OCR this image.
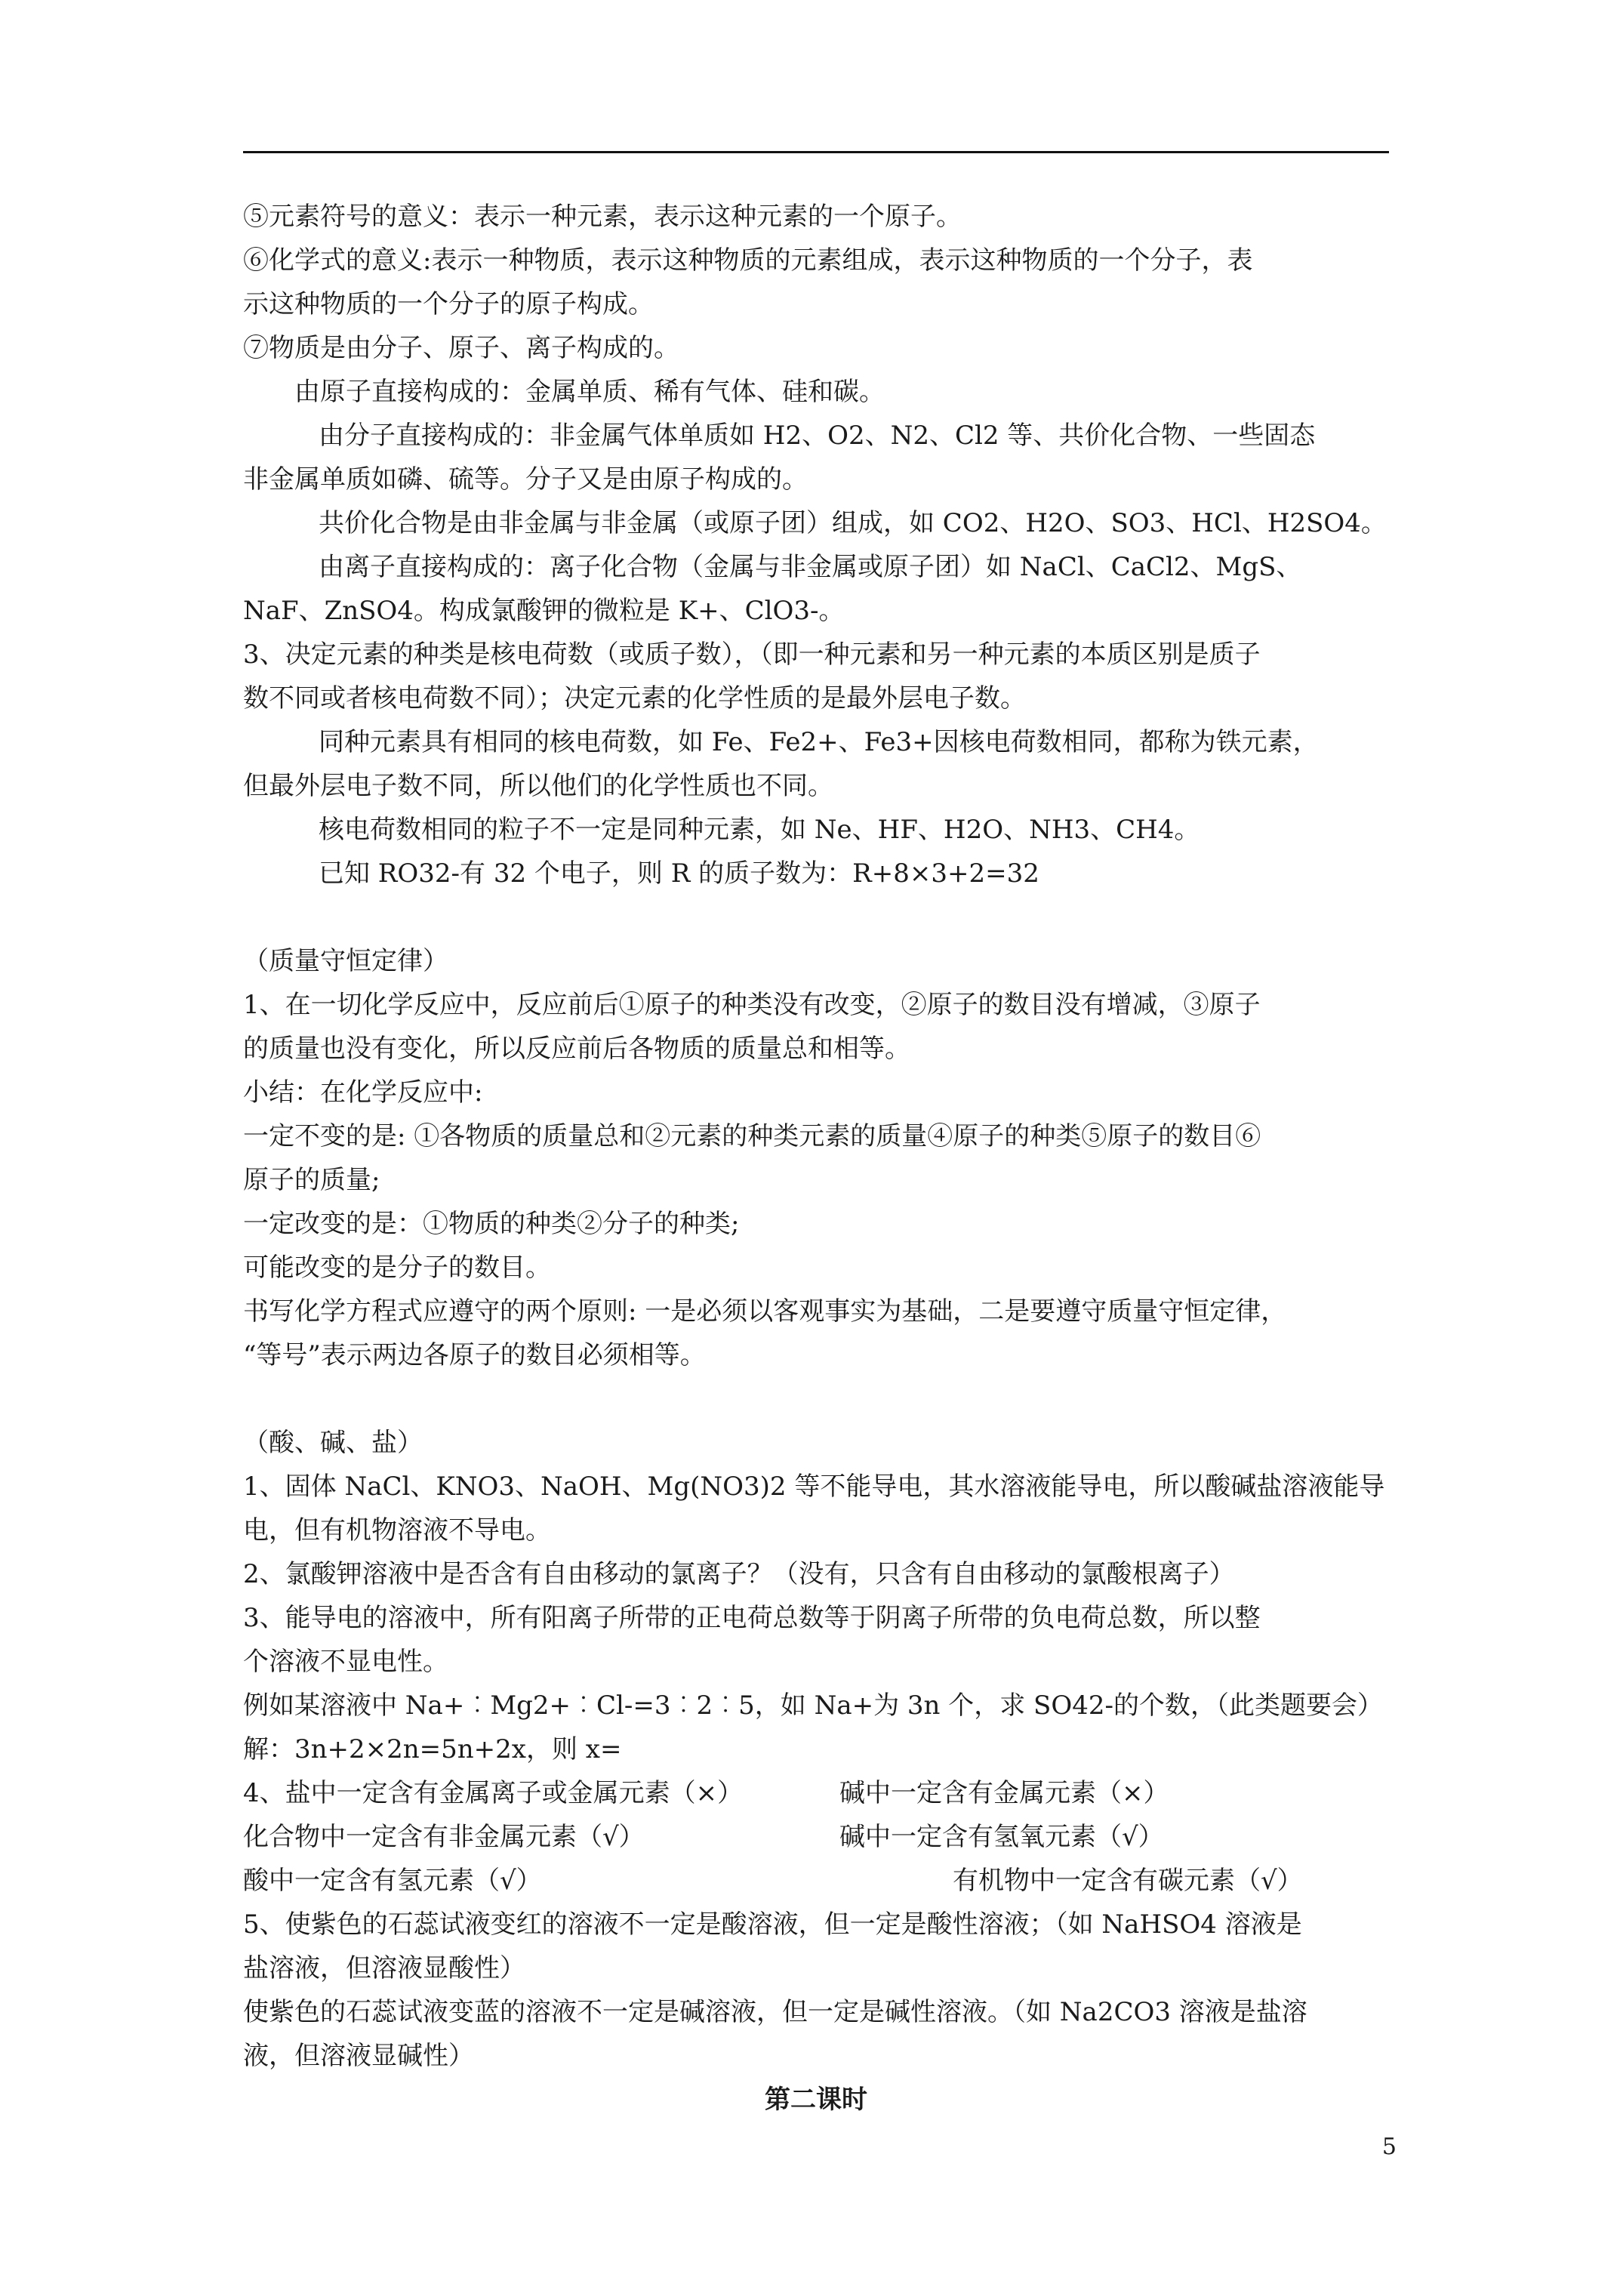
⑤元素符号的意义：表示一种元素，表示这种元素的一个原子。
⑥化学式的意义:表示一种物质，表示这种物质的元素组成，表示这种物质的一个分子，表
示这种物质的一个分子的原子构成。
⑦物质是由分子、原子、离子构成的。
由原子直接构成的：金属单质、稀有气体、硅和碳。
由分子直接构成的：非金属气体单质如 H2、O2、N2、Cl2 等、共价化合物、一些固态
非金属单质如磷、硫等。分子又是由原子构成的。
共价化合物是由非金属与非金属（或原子团）组成，如 CO2、H2O、SO3、HCl、H2SO4。
由离子直接构成的：离子化合物（金属与非金属或原子团）如 NaCl、CaCl2、MgS、
NaF、ZnSO4。构成氯酸钾的微粒是 K+、ClO3-。
3、决定元素的种类是核电荷数（或质子数），（即一种元素和另一种元素的本质区别是质子
数不同或者核电荷数不同）；决定元素的化学性质的是最外层电子数。
同种元素具有相同的核电荷数，如 Fe、Fe2+、Fe3+因核电荷数相同，都称为铁元素，
但最外层电子数不同，所以他们的化学性质也不同。
核电荷数相同的粒子不一定是同种元素，如 Ne、HF、H2O、NH3、CH4。
已知 RO32-有 32 个电子，则 R 的质子数为：R+8×3+2=32
（质量守恒定律）
1、在一切化学反应中，反应前后①原子的种类没有改变，②原子的数目没有增减，③原子
的质量也没有变化，所以反应前后各物质的质量总和相等。
小结：在化学反应中:
一定不变的是: ①各物质的质量总和②元素的种类元素的质量④原子的种类⑤原子的数目⑥
原子的质量;
一定改变的是：①物质的种类②分子的种类;
可能改变的是分子的数目。
书写化学方程式应遵守的两个原则: 一是必须以客观事实为基础，二是要遵守质量守恒定律，
“等号”表示两边各原子的数目必须相等。
（酸、碱、盐）
1、固体 NaCl、KNO3、NaOH、Mg(NO3)2 等不能导电，其水溶液能导电，所以酸碱盐溶液能导
电，但有机物溶液不导电。
2、氯酸钾溶液中是否含有自由移动的氯离子？（没有，只含有自由移动的氯酸根离子）
3、能导电的溶液中，所有阳离子所带的正电荷总数等于阴离子所带的负电荷总数，所以整
个溶液不显电性。
例如某溶液中 Na+︰Mg2+︰Cl-=3︰2︰5，如 Na+为 3n 个，求 SO42-的个数，（此类题要会）
解：3n+2×2n=5n+2x，则 x=
4、盐中一定含有金属离子或金属元素（×）	碱中一定含有金属元素（×）
化合物中一定含有非金属元素（√）	碱中一定含有氢氧元素（√）
酸中一定含有氢元素（√）	有机物中一定含有碳元素（√）
5、使紫色的石蕊试液变红的溶液不一定是酸溶液，但一定是酸性溶液；（如 NaHSO4 溶液是
盐溶液，但溶液显酸性）
使紫色的石蕊试液变蓝的溶液不一定是碱溶液，但一定是碱性溶液。（如 Na2CO3 溶液是盐溶
液，但溶液显碱性）
第二课时
5
